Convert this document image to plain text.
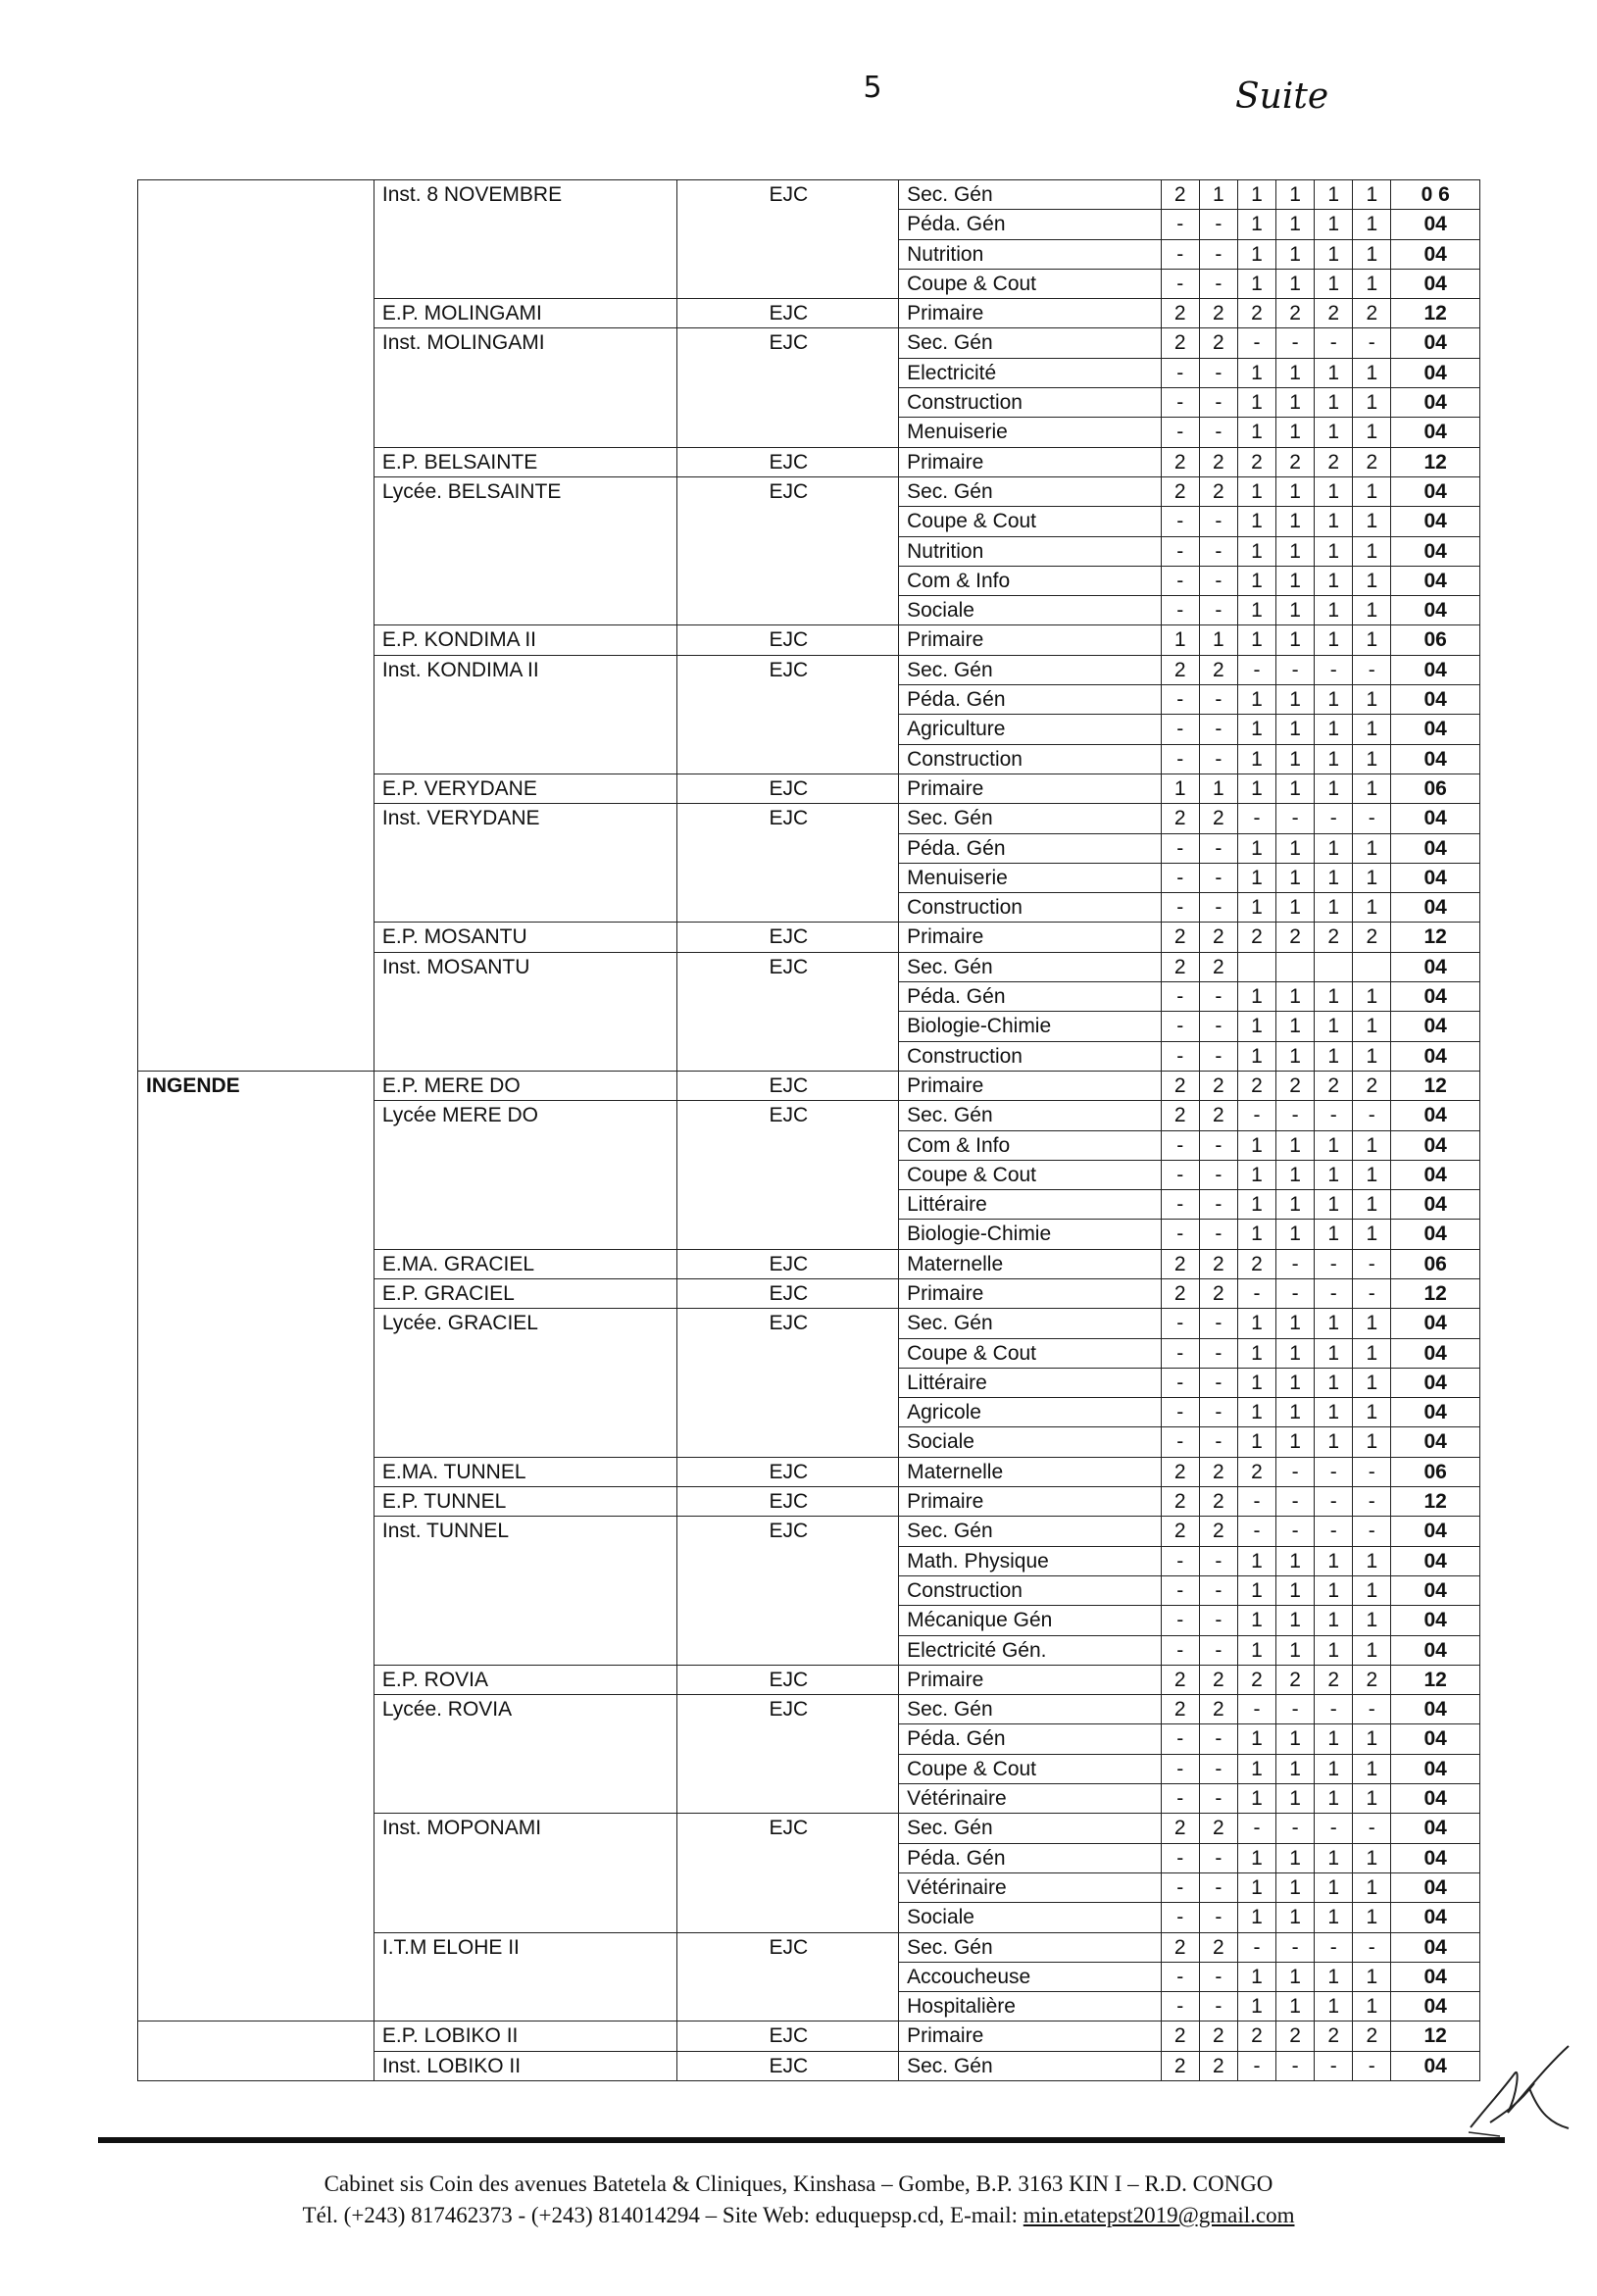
5	Suite
	Inst. 8 NOVEMBRE	EJC	Sec. Gén	2	1	1	1	1	1	0 6
			Péda. Gén	-	-	1	1	1	1	04
			Nutrition	-	-	1	1	1	1	04
			Coupe & Cout	-	-	1	1	1	1	04
	E.P. MOLINGAMI	EJC	Primaire	2	2	2	2	2	2	12
	Inst. MOLINGAMI	EJC	Sec. Gén	2	2	-	-	-	-	04
			Electricité	-	-	1	1	1	1	04
			Construction	-	-	1	1	1	1	04
			Menuiserie	-	-	1	1	1	1	04
	E.P. BELSAINTE	EJC	Primaire	2	2	2	2	2	2	12
	Lycée. BELSAINTE	EJC	Sec. Gén	2	2	1	1	1	1	04
			Coupe & Cout	-	-	1	1	1	1	04
			Nutrition	-	-	1	1	1	1	04
			Com & Info	-	-	1	1	1	1	04
			Sociale	-	-	1	1	1	1	04
	E.P. KONDIMA II	EJC	Primaire	1	1	1	1	1	1	06
	Inst. KONDIMA II	EJC	Sec. Gén	2	2	-	-	-	-	04
			Péda. Gén	-	-	1	1	1	1	04
			Agriculture	-	-	1	1	1	1	04
			Construction	-	-	1	1	1	1	04
	E.P. VERYDANE	EJC	Primaire	1	1	1	1	1	1	06
	Inst. VERYDANE	EJC	Sec. Gén	2	2	-	-	-	-	04
			Péda. Gén	-	-	1	1	1	1	04
			Menuiserie	-	-	1	1	1	1	04
			Construction	-	-	1	1	1	1	04
	E.P. MOSANTU	EJC	Primaire	2	2	2	2	2	2	12
	Inst. MOSANTU	EJC	Sec. Gén	2	2					04
			Péda. Gén	-	-	1	1	1	1	04
			Biologie-Chimie	-	-	1	1	1	1	04
			Construction	-	-	1	1	1	1	04
INGENDE	E.P. MERE DO	EJC	Primaire	2	2	2	2	2	2	12
	Lycée MERE DO	EJC	Sec. Gén	2	2	-	-	-	-	04
			Com & Info	-	-	1	1	1	1	04
			Coupe & Cout	-	-	1	1	1	1	04
			Littéraire	-	-	1	1	1	1	04
			Biologie-Chimie	-	-	1	1	1	1	04
	E.MA. GRACIEL	EJC	Maternelle	2	2	2	-	-	-	06
	E.P. GRACIEL	EJC	Primaire	2	2	-	-	-	-	12
	Lycée. GRACIEL	EJC	Sec. Gén	-	-	1	1	1	1	04
			Coupe & Cout	-	-	1	1	1	1	04
			Littéraire	-	-	1	1	1	1	04
			Agricole	-	-	1	1	1	1	04
			Sociale	-	-	1	1	1	1	04
	E.MA. TUNNEL	EJC	Maternelle	2	2	2	-	-	-	06
	E.P. TUNNEL	EJC	Primaire	2	2	-	-	-	-	12
	Inst. TUNNEL	EJC	Sec. Gén	2	2	-	-	-	-	04
			Math. Physique	-	-	1	1	1	1	04
			Construction	-	-	1	1	1	1	04
			Mécanique Gén	-	-	1	1	1	1	04
			Electricité Gén.	-	-	1	1	1	1	04
	E.P. ROVIA	EJC	Primaire	2	2	2	2	2	2	12
	Lycée. ROVIA	EJC	Sec. Gén	2	2	-	-	-	-	04
			Péda. Gén	-	-	1	1	1	1	04
			Coupe & Cout	-	-	1	1	1	1	04
			Vétérinaire	-	-	1	1	1	1	04
	Inst. MOPONAMI	EJC	Sec. Gén	2	2	-	-	-	-	04
			Péda. Gén	-	-	1	1	1	1	04
			Vétérinaire	-	-	1	1	1	1	04
			Sociale	-	-	1	1	1	1	04
	I.T.M ELOHE II	EJC	Sec. Gén	2	2	-	-	-	-	04
			Accoucheuse	-	-	1	1	1	1	04
			Hospitalière	-	-	1	1	1	1	04
	E.P. LOBIKO II	EJC	Primaire	2	2	2	2	2	2	12
	Inst. LOBIKO II	EJC	Sec. Gén	2	2	-	-	-	-	04
Cabinet sis Coin des avenues Batetela & Cliniques, Kinshasa – Gombe, B.P. 3163 KIN I – R.D. CONGO
Tél. (+243) 817462373 - (+243) 814014294 – Site Web: eduquepsp.cd, E-mail: min.etatepst2019@gmail.com
